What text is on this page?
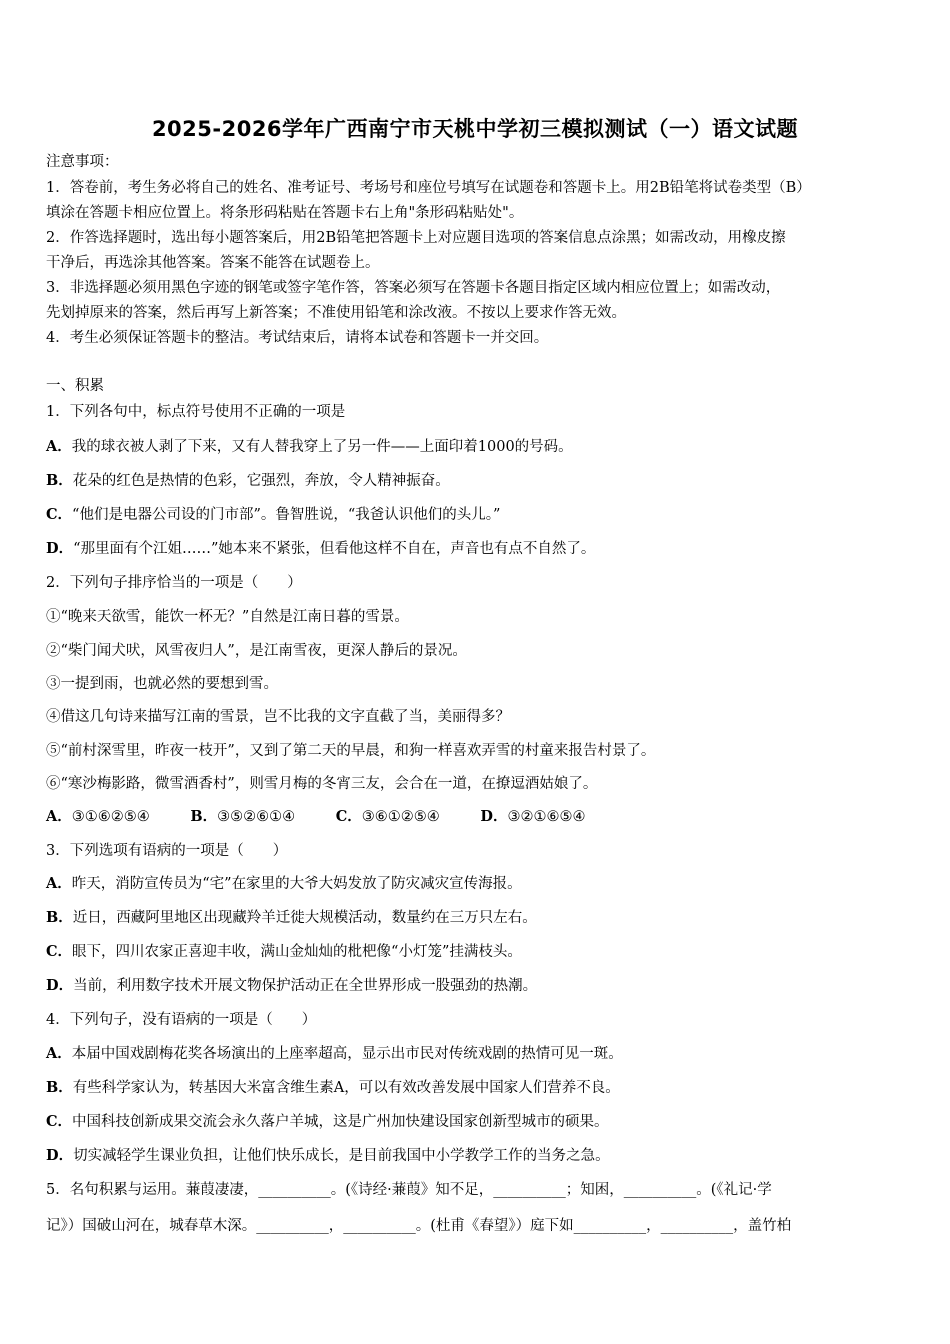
2025-2026学年广西南宁市天桃中学初三模拟测试（一）语文试题
注意事项：
1．答卷前，考生务必将自己的姓名、准考证号、考场号和座位号填写在试题卷和答题卡上。用2B铅笔将试卷类型（B）
填涂在答题卡相应位置上。将条形码粘贴在答题卡右上角"条形码粘贴处"。
2．作答选择题时，选出每小题答案后，用2B铅笔把答题卡上对应题目选项的答案信息点涂黑；如需改动，用橡皮擦
干净后，再选涂其他答案。答案不能答在试题卷上。
3．非选择题必须用黑色字迹的钢笔或签字笔作答，答案必须写在答题卡各题目指定区域内相应位置上；如需改动，
先划掉原来的答案，然后再写上新答案；不准使用铅笔和涂改液。不按以上要求作答无效。
4．考生必须保证答题卡的整洁。考试结束后，请将本试卷和答题卡一并交回。
一、积累
1．下列各句中，标点符号使用不正确的一项是
A．我的球衣被人剥了下来，又有人替我穿上了另一件——上面印着1000的号码。
B．花朵的红色是热情的色彩，它强烈，奔放，令人精神振奋。
C．“他们是电器公司设的门市部”。鲁智胜说，“我爸认识他们的头儿。”
D．“那里面有个江姐……”她本来不紧张，但看他这样不自在，声音也有点不自然了。
2．下列句子排序恰当的一项是（　　）
①“晚来天欲雪，能饮一杯无？”自然是江南日暮的雪景。
②“柴门闻犬吠，风雪夜归人”，是江南雪夜，更深人静后的景况。
③一提到雨，也就必然的要想到雪。
④借这几句诗来描写江南的雪景，岂不比我的文字直截了当，美丽得多？
⑤“前村深雪里，昨夜一枝开”，又到了第二天的早晨，和狗一样喜欢弄雪的村童来报告村景了。
⑥“寒沙梅影路，微雪酒香村”，则雪月梅的冬宵三友，会合在一道，在撩逗酒姑娘了。
A．③①⑥②⑤④	B．③⑤②⑥①④	C．③⑥①②⑤④	D．③②①⑥⑤④
3．下列选项有语病的一项是（　　）
A．昨天，消防宣传员为“宅”在家里的大爷大妈发放了防灾减灾宣传海报。
B．近日，西藏阿里地区出现藏羚羊迁徙大规模活动，数量约在三万只左右。
C．眼下，四川农家正喜迎丰收，满山金灿灿的枇杷像“小灯笼”挂满枝头。
D．当前，利用数字技术开展文物保护活动正在全世界形成一股强劲的热潮。
4．下列句子，没有语病的一项是（　　）
A．本届中国戏剧梅花奖各场演出的上座率超高，显示出市民对传统戏剧的热情可见一斑。
B．有些科学家认为，转基因大米富含维生素A，可以有效改善发展中国家人们营养不良。
C．中国科技创新成果交流会永久落户羊城，这是广州加快建设国家创新型城市的硕果。
D．切实减轻学生课业负担，让他们快乐成长，是目前我国中小学教学工作的当务之急。
5．名句积累与运用。蒹葭凄凄，__________。(《诗经·蒹葭》知不足，__________；知困，__________。(《礼记·学
记》）国破山河在，城春草木深。__________，__________。(杜甫《春望》）庭下如__________，__________，盖竹柏
